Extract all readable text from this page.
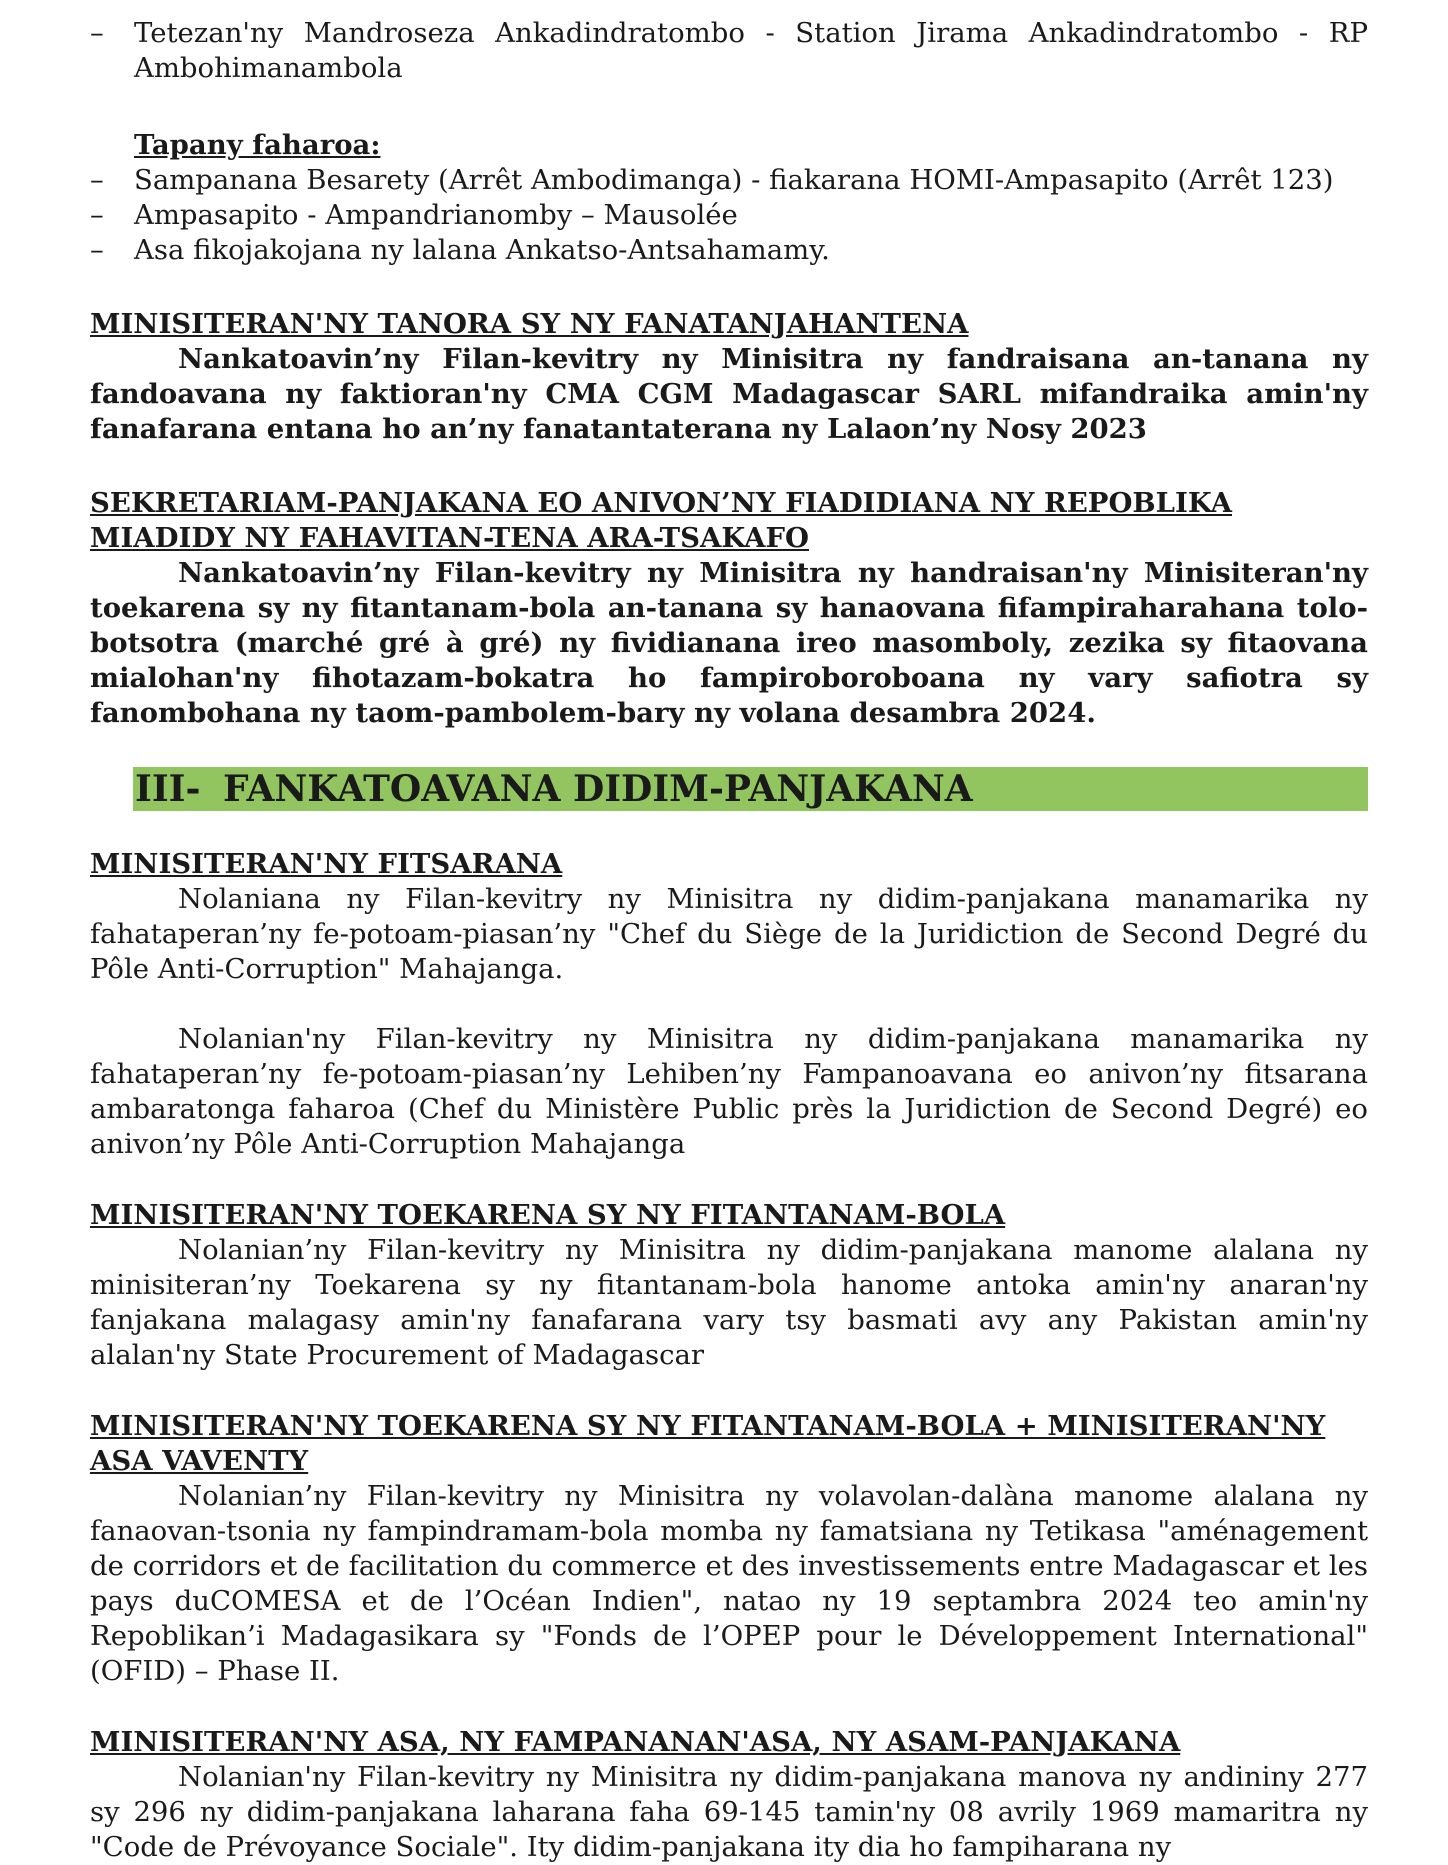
– Tetezan'ny Mandroseza Ankadindratombo - Station Jirama Ankadindratombo - RP Ambohimanambola
Tapany faharoa:
– Sampanana Besarety (Arrêt Ambodimanga) - fiakarana HOMI-Ampasapito (Arrêt 123)
– Ampasapito - Ampandrianomby – Mausolée
– Asa fikojakojana ny lalana Ankatso-Antsahamamy.
MINISITERAN'NY TANORA SY NY FANATANJAHANTENA

Nankatoavin’ny Filan-kevitry ny Minisitra ny fandraisana an-tanana ny fandoavana ny faktioran'ny CMA CGM Madagascar SARL mifandraika amin'ny fanafarana entana ho an’ny fanatantaterana ny Lalaon’ny Nosy 2023

SEKRETARIAM-PANJAKANA EO ANIVON’NY FIADIDIANA NY REPOBLIKA MIADIDY NY FAHAVITAN-TENA ARA-TSAKAFO

Nankatoavin’ny Filan-kevitry ny Minisitra ny handraisan'ny Minisiteran'ny toekarena sy ny fitantanam-bola an-tanana sy hanaovana fifampiraharahana tolo-botsotra (marché gré à gré) ny fividianana ireo masomboly, zezika sy fitaovana mialohan'ny fihotazam-bokatra ho fampiroboroboana ny vary safiotra sy fanombohana ny taom-pambolem-bary ny volana desambra 2024.

III- FANKATOAVANA DIDIM-PANJAKANA
MINISITERAN'NY FITSARANA

Nolaniana ny Filan-kevitry ny Minisitra ny didim-panjakana manamarika ny fahataperan’ny fe-potoam-piasan’ny "Chef du Siège de la Juridiction de Second Degré du Pôle Anti-Corruption" Mahajanga.

Nolanian'ny Filan-kevitry ny Minisitra ny didim-panjakana manamarika ny fahataperan’ny fe-potoam-piasan’ny Lehiben’ny Fampanoavana eo anivon’ny fitsarana ambaratonga faharoa (Chef du Ministère Public près la Juridiction de Second Degré) eo anivon’ny Pôle Anti-Corruption Mahajanga

MINISITERAN'NY TOEKARENA SY NY FITANTANAM-BOLA

Nolanian’ny Filan-kevitry ny Minisitra ny didim-panjakana manome alalana ny minisiteran’ny Toekarena sy ny fitantanam-bola hanome antoka amin'ny anaran'ny fanjakana malagasy amin'ny fanafarana vary tsy basmati avy any Pakistan amin'ny alalan'ny State Procurement of Madagascar

MINISITERAN'NY TOEKARENA SY NY FITANTANAM-BOLA + MINISITERAN'NY ASA VAVENTY

Nolanian’ny Filan-kevitry ny Minisitra ny volavolan-dalàna manome alalana ny fanaovan-tsonia ny fampindramam-bola momba ny famatsiana ny Tetikasa "aménagement de corridors et de facilitation du commerce et des investissements entre Madagascar et les pays duCOMESA et de l’Océan Indien", natao ny 19 septambra 2024 teo amin'ny Repoblikan’i Madagasikara sy "Fonds de l’OPEP pour le Développement International" (OFID) – Phase II.

MINISITERAN'NY ASA, NY FAMPANANAN'ASA, NY ASAM-PANJAKANA

Nolanian'ny Filan-kevitry ny Minisitra ny didim-panjakana manova ny andininy 277 sy 296 ny didim-panjakana laharana faha 69-145 tamin'ny 08 avrily 1969 mamaritra ny "Code de Prévoyance Sociale". Ity didim-panjakana ity dia ho fampiharana ny
